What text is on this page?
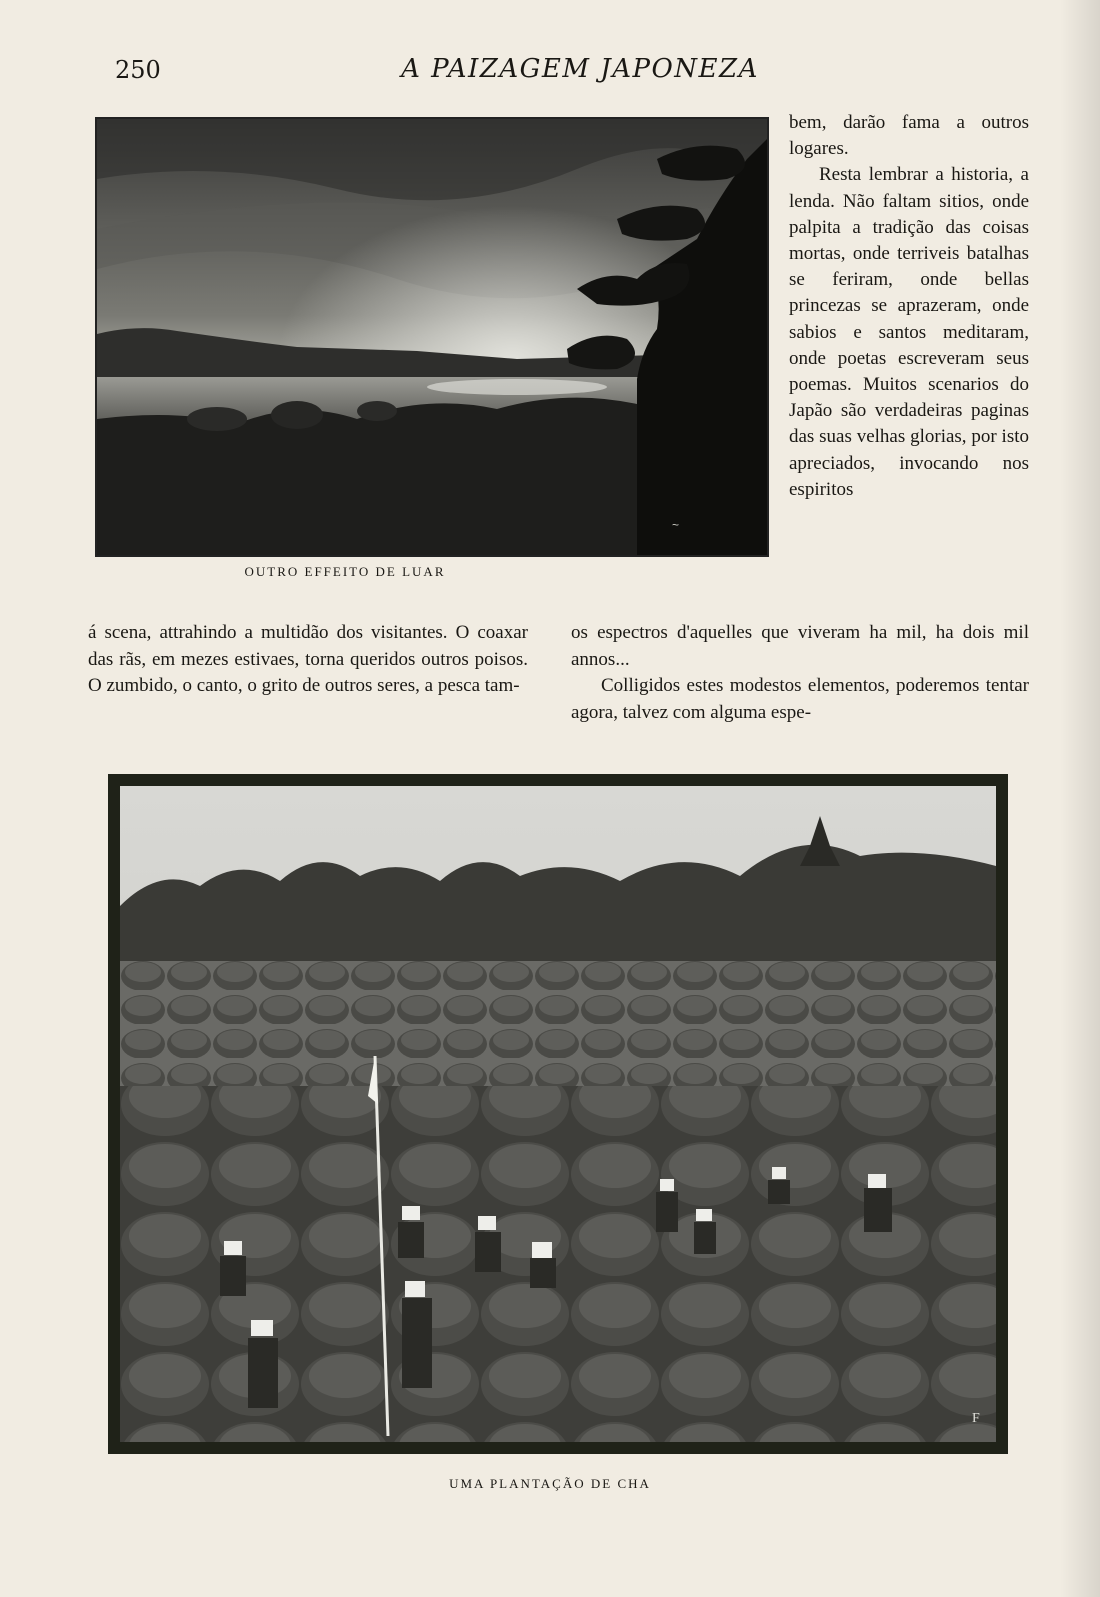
250	A PAIZAGEM JAPONEZA
~
OUTRO EFFEITO DE LUAR

bem, darão fama a outros logares.

Resta lembrar a historia, a lenda. Não faltam sitios, onde palpita a tradição das coisas mortas, onde terriveis batalhas se feriram, onde bellas princezas se aprazeram, onde sabios e santos meditaram, onde poetas escreveram seus poemas. Muitos scenarios do Japão são verdadeiras paginas das suas velhas glorias, por isto apreciados, invocando nos espiritos

á scena, attrahindo a multidão dos visitantes. O coaxar das rãs, em mezes estivaes, torna queridos outros poisos. O zumbido, o canto, o grito de outros seres, a pesca tam-

os espectros d'aquelles que viveram ha mil, ha dois mil annos...

Colligidos estes modestos elementos, poderemos tentar agora, talvez com alguma espe-

F
UMA PLANTAÇÃO DE CHA
